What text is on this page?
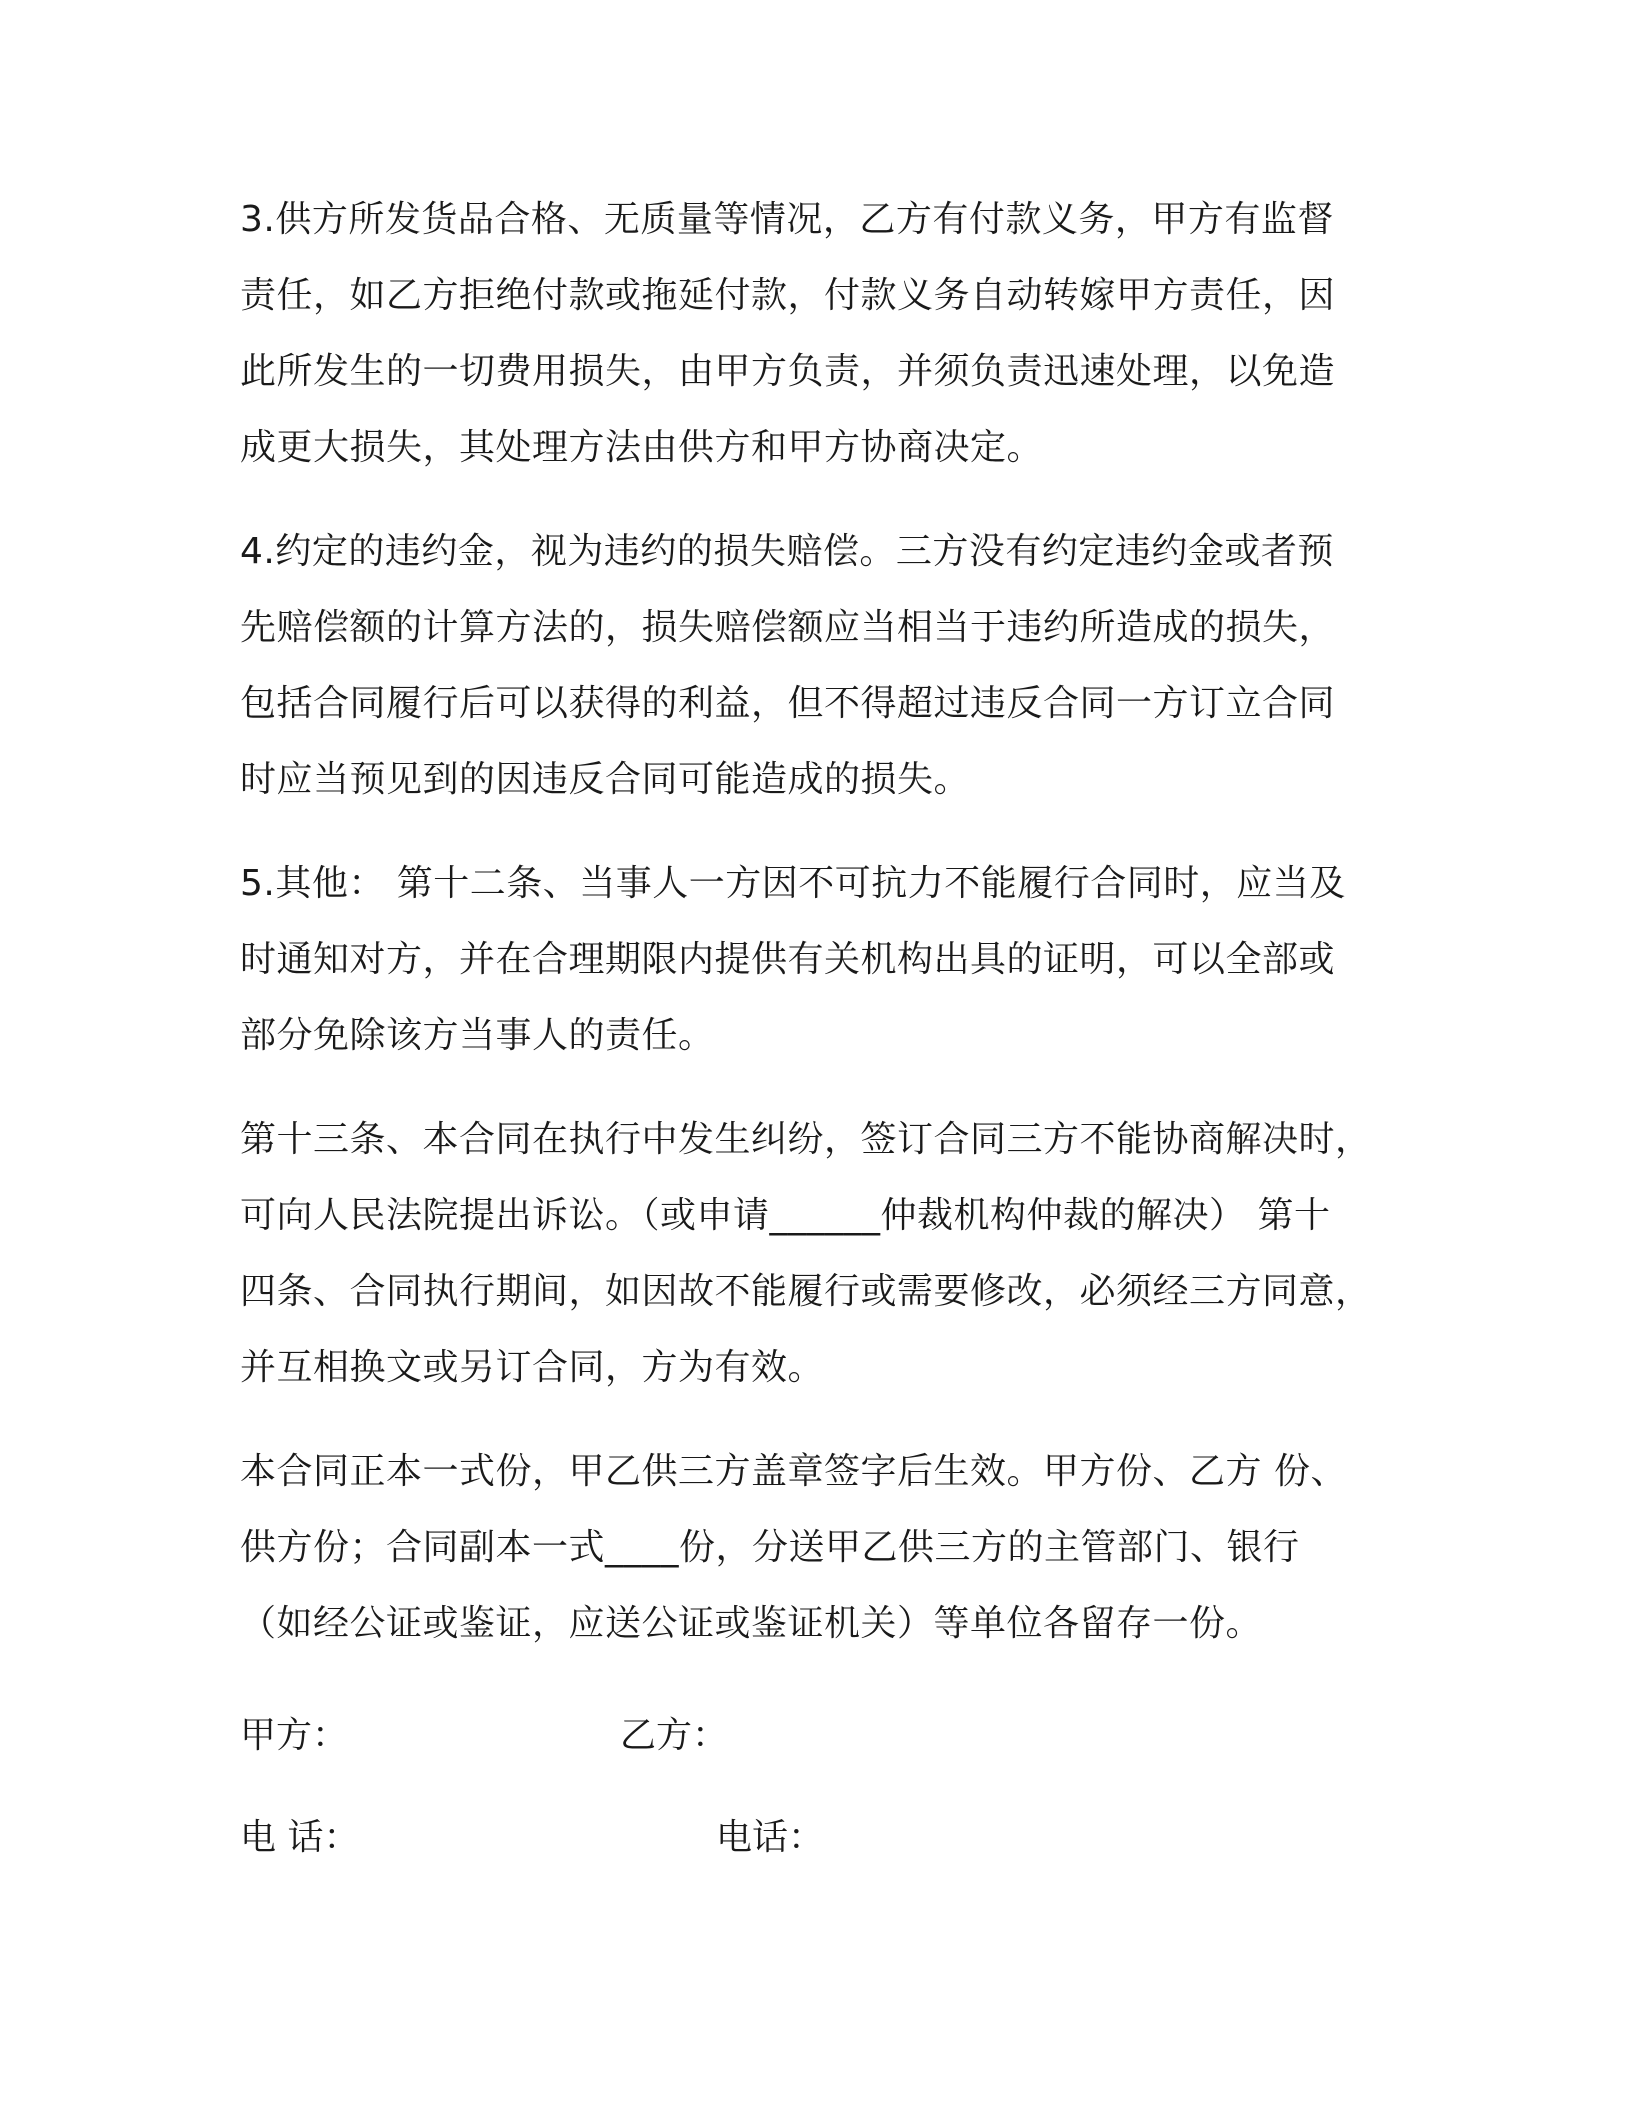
3.供方所发货品合格、无质量等情况，乙方有付款义务，甲方有监督
责任，如乙方拒绝付款或拖延付款，付款义务自动转嫁甲方责任，因
此所发生的一切费用损失，由甲方负责，并须负责迅速处理，以免造
成更大损失，其处理方法由供方和甲方协商决定。
4.约定的违约金，视为违约的损失赔偿。三方没有约定违约金或者预
先赔偿额的计算方法的，损失赔偿额应当相当于违约所造成的损失，
包括合同履行后可以获得的利益，但不得超过违反合同一方订立合同
时应当预见到的因违反合同可能造成的损失。
5.其他： 第十二条、当事人一方因不可抗力不能履行合同时，应当及
时通知对方，并在合理期限内提供有关机构出具的证明，可以全部或
部分免除该方当事人的责任。
第十三条、本合同在执行中发生纠纷，签订合同三方不能协商解决时，
可向人民法院提出诉讼。（或申请______仲裁机构仲裁的解决） 第十
四条、合同执行期间，如因故不能履行或需要修改，必须经三方同意，
并互相换文或另订合同，方为有效。
本合同正本一式份，甲乙供三方盖章签字后生效。甲方份、乙方 份、
供方份；合同副本一式____份，分送甲乙供三方的主管部门、银行
（如经公证或鉴证，应送公证或鉴证机关）等单位各留存一份。
甲方：	乙方：
电 话：	电话：
